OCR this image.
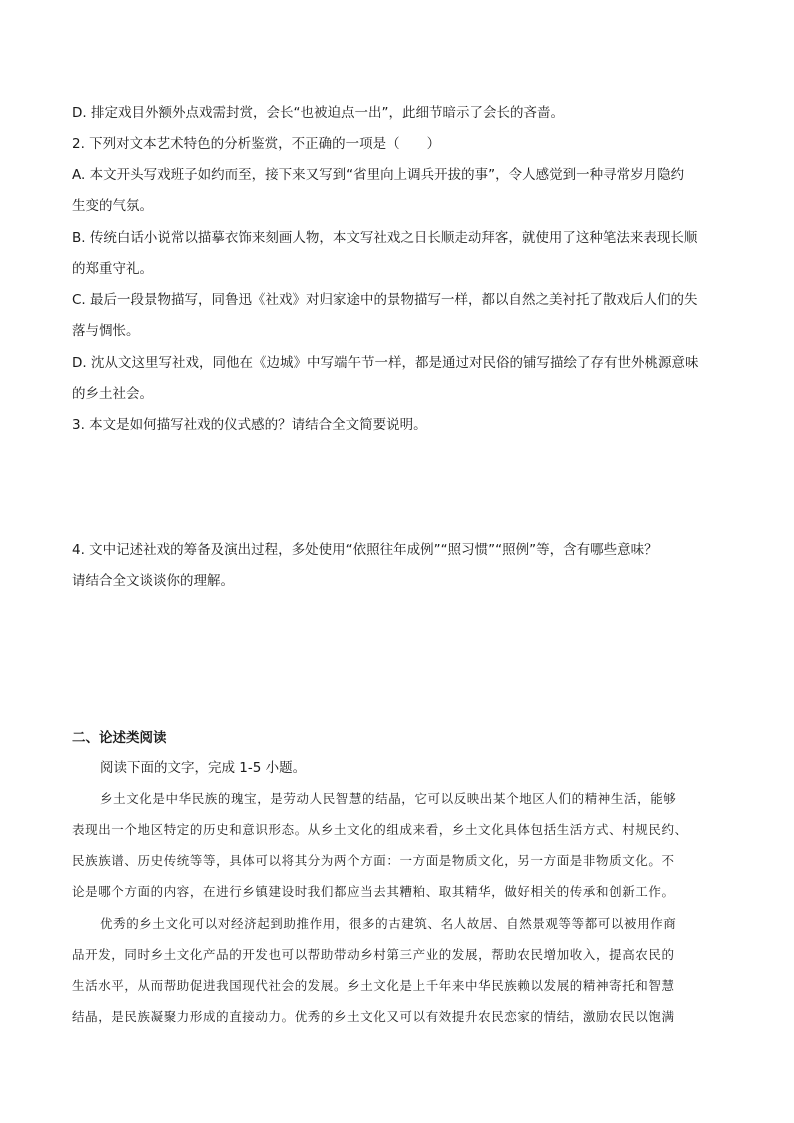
D. 排定戏目外额外点戏需封赏，会长“也被迫点一出”，此细节暗示了会长的吝啬。
2. 下列对文本艺术特色的分析鉴赏，不正确的一项是（　　）
A. 本文开头写戏班子如约而至，接下来又写到“省里向上调兵开拔的事”，令人感觉到一种寻常岁月隐约
生变的气氛。
B. 传统白话小说常以描摹衣饰来刻画人物，本文写社戏之日长顺走动拜客，就使用了这种笔法来表现长顺
的郑重守礼。
C. 最后一段景物描写，同鲁迅《社戏》对归家途中的景物描写一样，都以自然之美衬托了散戏后人们的失
落与惆怅。
D. 沈从文这里写社戏，同他在《边城》中写端午节一样，都是通过对民俗的铺写描绘了存有世外桃源意味
的乡土社会。
3. 本文是如何描写社戏的仪式感的？请结合全文简要说明。
4. 文中记述社戏的筹备及演出过程，多处使用“依照往年成例”“照习惯”“照例”等，含有哪些意味？
请结合全文谈谈你的理解。
二、论述类阅读
阅读下面的文字，完成 1-5 小题。
乡土文化是中华民族的瑰宝，是劳动人民智慧的结晶，它可以反映出某个地区人们的精神生活，能够
表现出一个地区特定的历史和意识形态。从乡土文化的组成来看，乡土文化具体包括生活方式、村规民约、
民族族谱、历史传统等等，具体可以将其分为两个方面：一方面是物质文化，另一方面是非物质文化。不
论是哪个方面的内容，在进行乡镇建设时我们都应当去其糟粕、取其精华，做好相关的传承和创新工作。
优秀的乡土文化可以对经济起到助推作用，很多的古建筑、名人故居、自然景观等等都可以被用作商
品开发，同时乡土文化产品的开发也可以帮助带动乡村第三产业的发展，帮助农民增加收入，提高农民的
生活水平，从而帮助促进我国现代社会的发展。乡土文化是上千年来中华民族赖以发展的精神寄托和智慧
结晶，是民族凝聚力形成的直接动力。优秀的乡土文化又可以有效提升农民恋家的情结，激励农民以饱满
